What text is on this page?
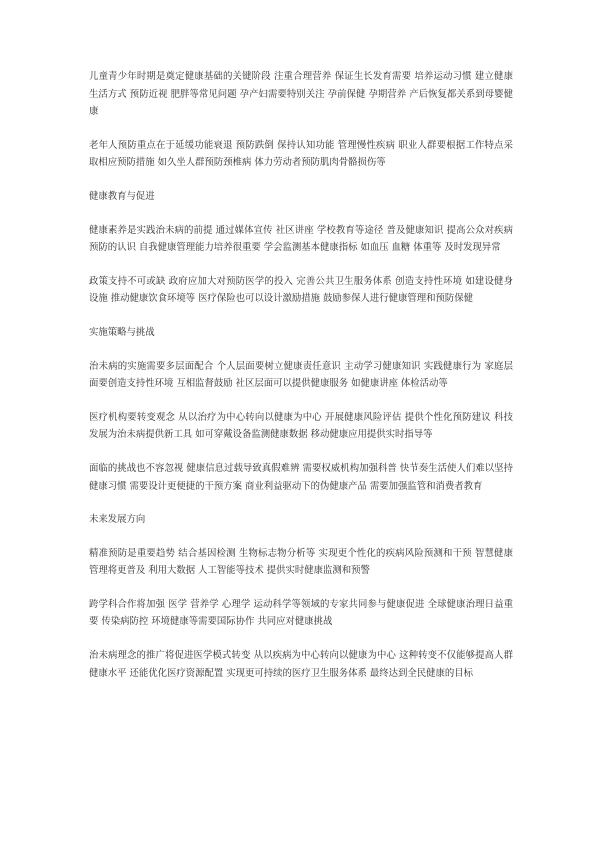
儿童青少年时期是奠定健康基础的关键阶段 注重合理营养 保证生长发育需要 培养运动习惯 建立健康生活方式 预防近视 肥胖等常见问题 孕产妇需要特别关注 孕前保健 孕期营养 产后恢复都关系到母婴健康

老年人预防重点在于延缓功能衰退 预防跌倒 保持认知功能 管理慢性疾病 职业人群要根据工作特点采取相应预防措施 如久坐人群预防颈椎病 体力劳动者预防肌肉骨骼损伤等

健康教育与促进

健康素养是实践治未病的前提 通过媒体宣传 社区讲座 学校教育等途径 普及健康知识 提高公众对疾病预防的认识 自我健康管理能力培养很重要 学会监测基本健康指标 如血压 血糖 体重等 及时发现异常

政策支持不可或缺 政府应加大对预防医学的投入 完善公共卫生服务体系 创造支持性环境 如建设健身设施 推动健康饮食环境等 医疗保险也可以设计激励措施 鼓励参保人进行健康管理和预防保健

实施策略与挑战

治未病的实施需要多层面配合 个人层面要树立健康责任意识 主动学习健康知识 实践健康行为 家庭层面要创造支持性环境 互相监督鼓励 社区层面可以提供健康服务 如健康讲座 体检活动等

医疗机构要转变观念 从以治疗为中心转向以健康为中心 开展健康风险评估 提供个性化预防建议 科技发展为治未病提供新工具 如可穿戴设备监测健康数据 移动健康应用提供实时指导等

面临的挑战也不容忽视 健康信息过载导致真假难辨 需要权威机构加强科普 快节奏生活使人们难以坚持健康习惯 需要设计更便捷的干预方案 商业利益驱动下的伪健康产品 需要加强监管和消费者教育

未来发展方向

精准预防是重要趋势 结合基因检测 生物标志物分析等 实现更个性化的疾病风险预测和干预 智慧健康管理将更普及 利用大数据 人工智能等技术 提供实时健康监测和预警

跨学科合作将加强 医学 营养学 心理学 运动科学等领域的专家共同参与健康促进 全球健康治理日益重要 传染病防控 环境健康等需要国际协作 共同应对健康挑战

治未病理念的推广将促进医学模式转变 从以疾病为中心转向以健康为中心 这种转变不仅能够提高人群健康水平 还能优化医疗资源配置 实现更可持续的医疗卫生服务体系 最终达到全民健康的目标
